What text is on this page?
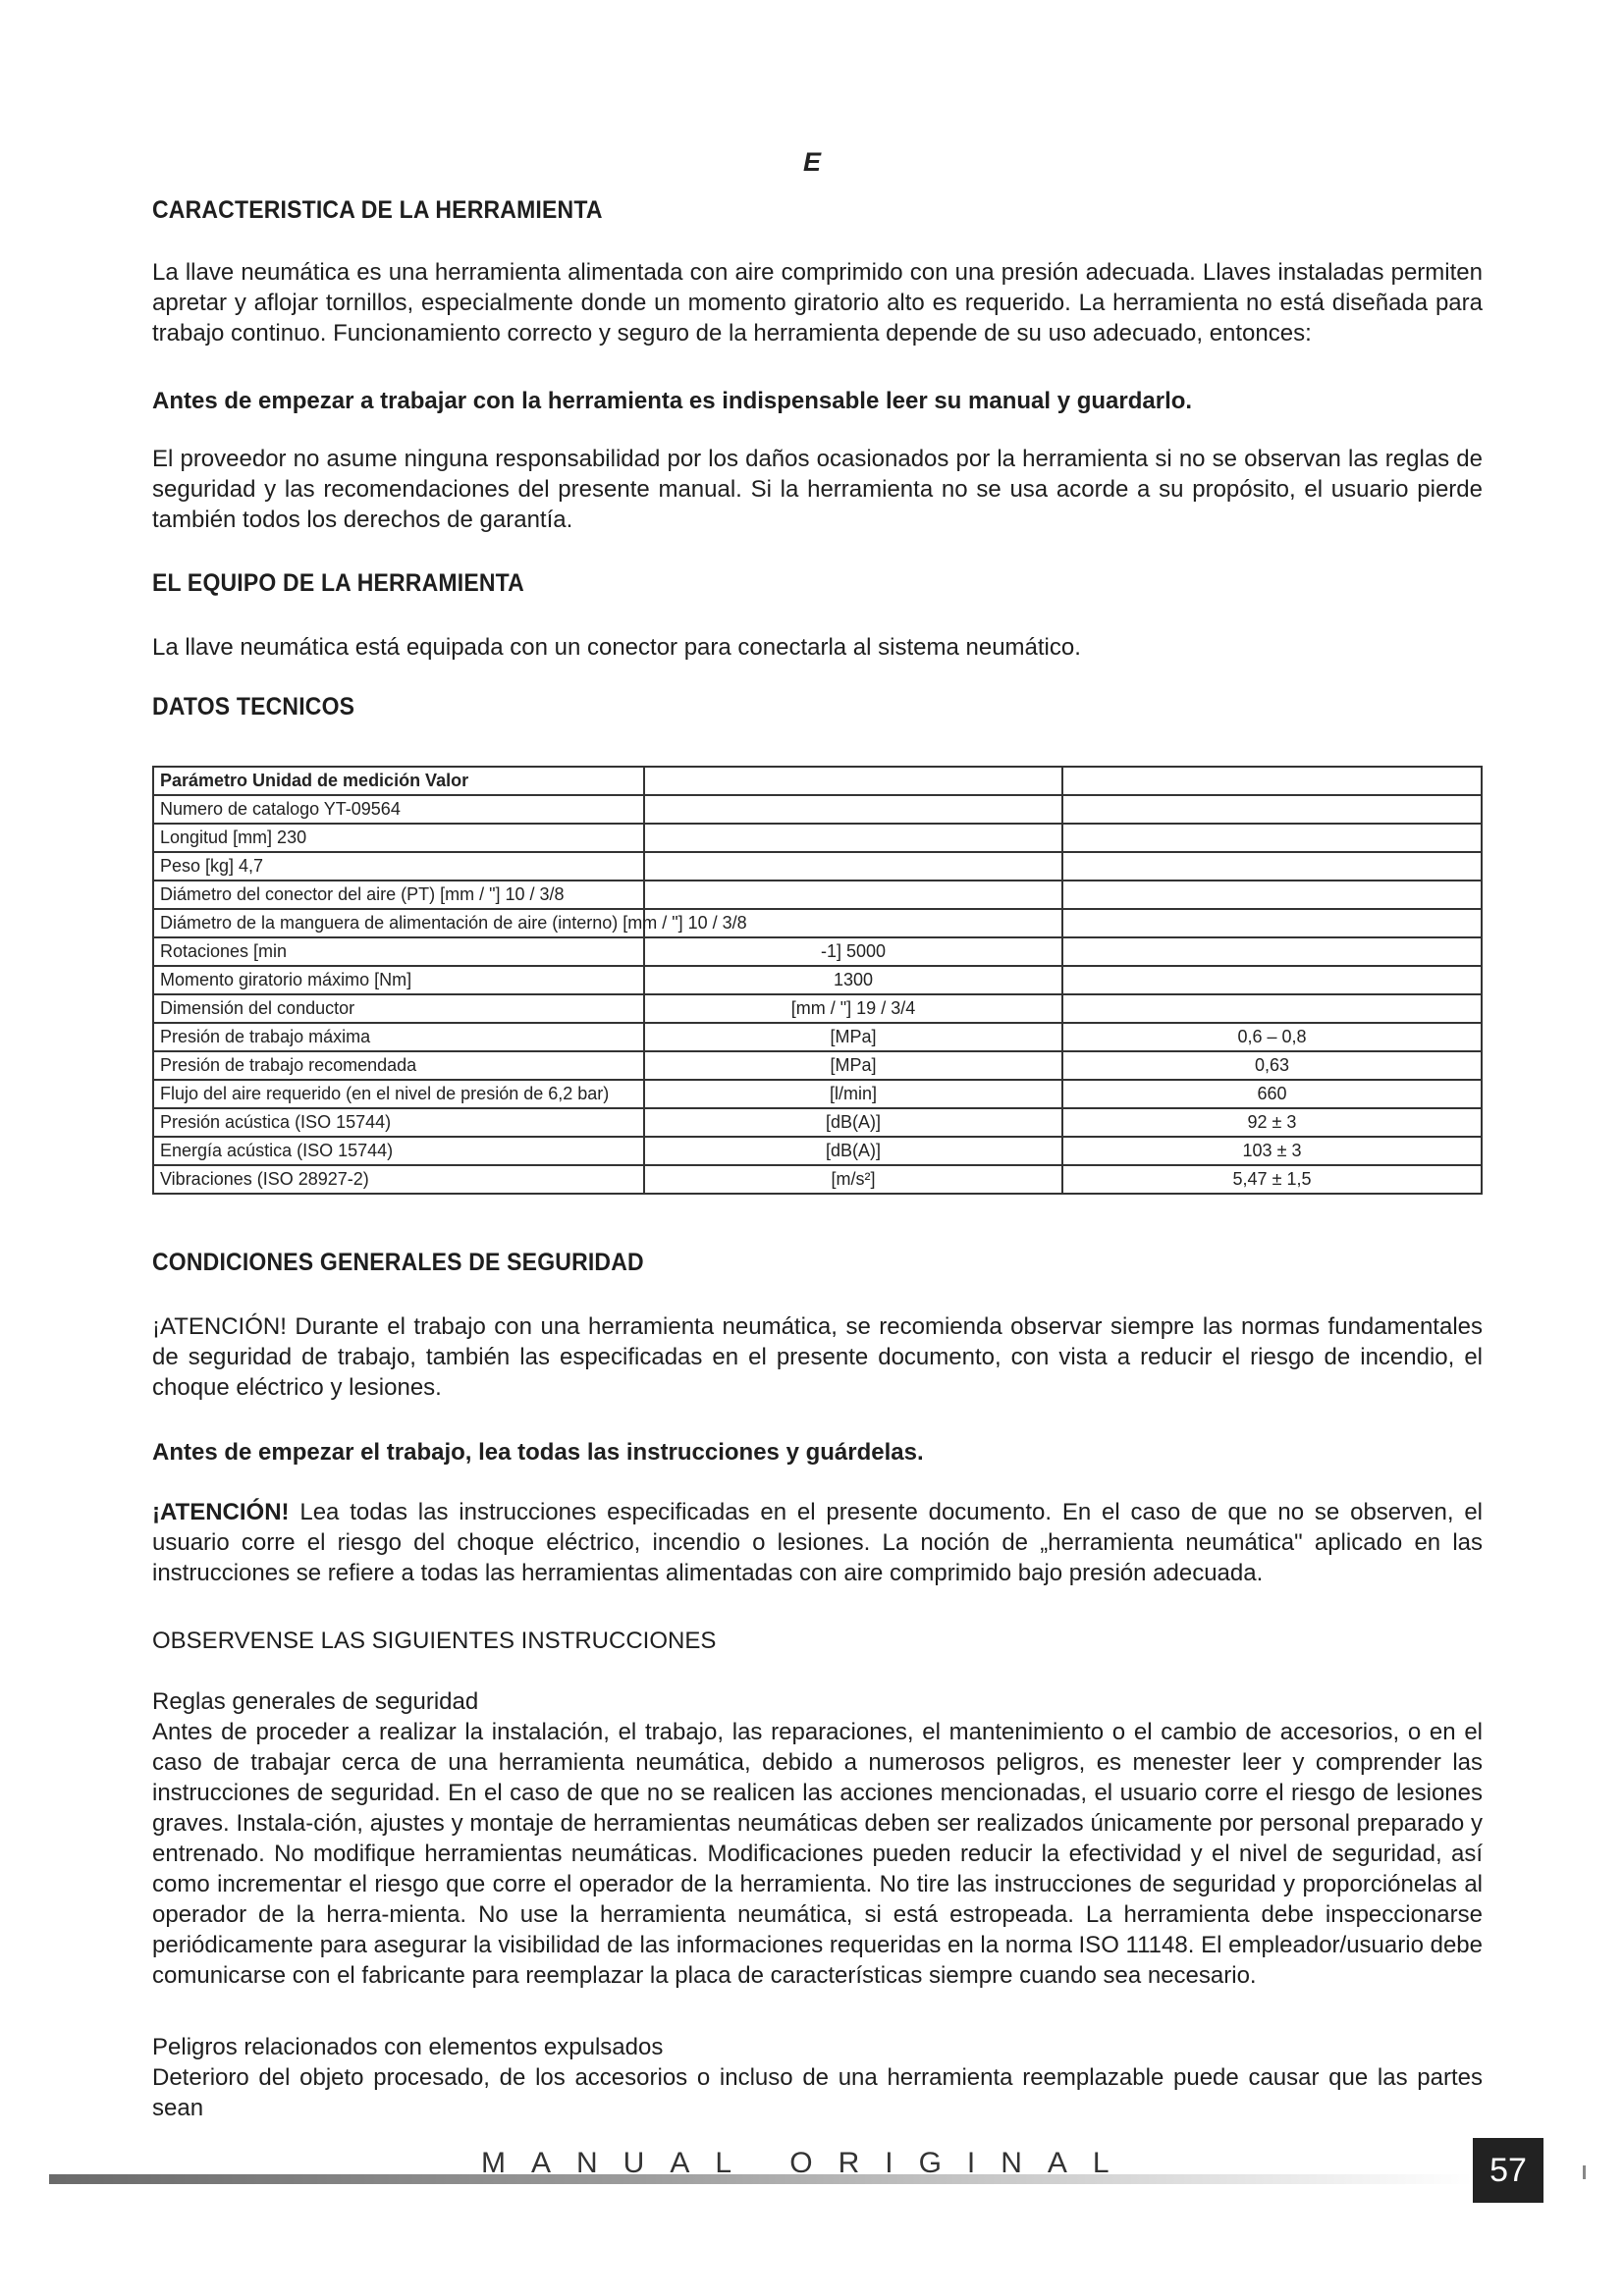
E
CARACTERISTICA DE LA HERRAMIENTA

La llave neumática es una herramienta alimentada con aire comprimido con una presión adecuada. Llaves instaladas permiten apretar y aflojar tornillos, especialmente donde un momento giratorio alto es requerido. La herramienta no está diseñada para trabajo continuo. Funcionamiento correcto y seguro de la herramienta depende de su uso adecuado, entonces:

Antes de empezar a trabajar con la herramienta es indispensable leer su manual y guardarlo.

El proveedor no asume ninguna responsabilidad por los daños ocasionados por la herramienta si no se observan las reglas de seguridad y las recomendaciones del presente manual. Si la herramienta no se usa acorde a su propósito, el usuario pierde también todos los derechos de garantía.

EL EQUIPO DE LA HERRAMIENTA

La llave neumática está equipada con un conector para conectarla al sistema neumático.

DATOS TECNICOS
Parámetro Unidad de medición Valor		
Numero de catalogo YT-09564		
Longitud [mm] 230		
Peso [kg] 4,7		
Diámetro del conector del aire (PT) [mm / "] 10 / 3/8		
Diámetro de la manguera de alimentación de aire (interno) [mm / "] 10 / 3/8		
Rotaciones [min	-1] 5000	
Momento giratorio máximo [Nm]	1300	
Dimensión del conductor	[mm / "] 19 / 3/4	
Presión de trabajo máxima	[MPa]	0,6 – 0,8
Presión de trabajo recomendada	[MPa]	0,63
Flujo del aire requerido (en el nivel de presión de 6,2 bar)	[l/min]	660
Presión acústica (ISO 15744)	[dB(A)]	92 ± 3
Energía acústica (ISO 15744)	[dB(A)]	103 ± 3
Vibraciones (ISO 28927-2)	[m/s²]	5,47 ± 1,5
CONDICIONES GENERALES DE SEGURIDAD

¡ATENCIÓN! Durante el trabajo con una herramienta neumática, se recomienda observar siempre las normas fundamentales de seguridad de trabajo, también las especificadas en el presente documento, con vista a reducir el riesgo de incendio, el choque eléctrico y lesiones.

Antes de empezar el trabajo, lea todas las instrucciones y guárdelas.

¡ATENCIÓN! Lea todas las instrucciones especificadas en el presente documento. En el caso de que no se observen, el usuario corre el riesgo del choque eléctrico, incendio o lesiones. La noción de „herramienta neumática" aplicado en las instrucciones se refiere a todas las herramientas alimentadas con aire comprimido bajo presión adecuada.

OBSERVENSE LAS SIGUIENTES INSTRUCCIONES

Reglas generales de seguridad

Antes de proceder a realizar la instalación, el trabajo, las reparaciones, el mantenimiento o el cambio de accesorios, o en el caso de trabajar cerca de una herramienta neumática, debido a numerosos peligros, es menester leer y comprender las instrucciones de seguridad. En el caso de que no se realicen las acciones mencionadas, el usuario corre el riesgo de lesiones graves. Instala-ción, ajustes y montaje de herramientas neumáticas deben ser realizados únicamente por personal preparado y entrenado. No modifique herramientas neumáticas. Modificaciones pueden reducir la efectividad y el nivel de seguridad, así como incrementar el riesgo que corre el operador de la herramienta. No tire las instrucciones de seguridad y proporciónelas al operador de la herra-mienta. No use la herramienta neumática, si está estropeada. La herramienta debe inspeccionarse periódicamente para asegurar la visibilidad de las informaciones requeridas en la norma ISO 11148. El empleador/usuario debe comunicarse con el fabricante para reemplazar la placa de características siempre cuando sea necesario.

Peligros relacionados con elementos expulsados

Deterioro del objeto procesado, de los accesorios o incluso de una herramienta reemplazable puede causar que las partes sean

MANUAL ORIGINAL	57
